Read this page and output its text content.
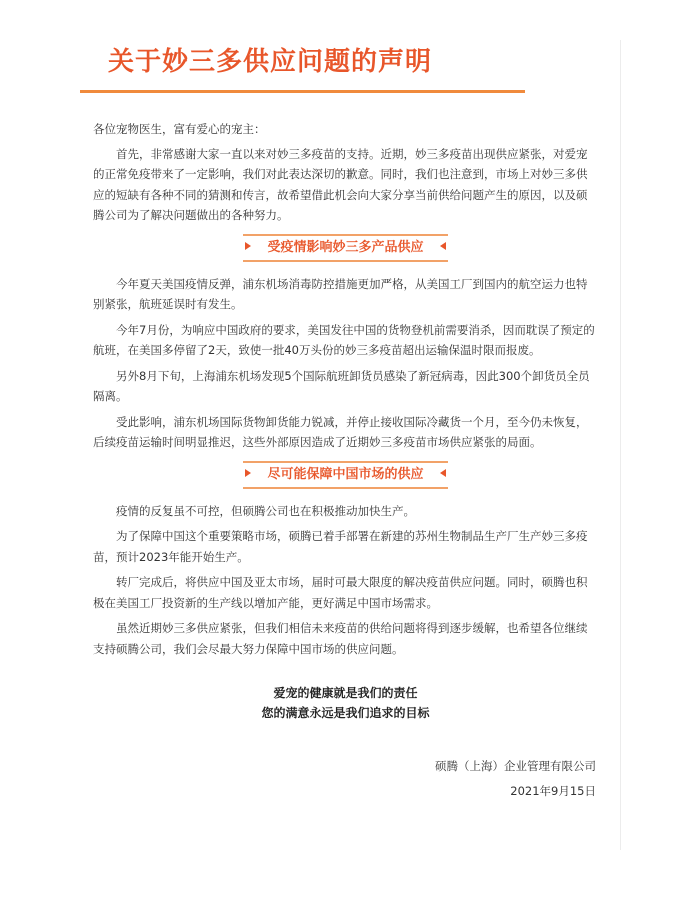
关于妙三多供应问题的声明

各位宠物医生，富有爱心的宠主：

首先，非常感谢大家一直以来对妙三多疫苗的支持。近期，妙三多疫苗出现供应紧张，对爱宠的正常免疫带来了一定影响，我们对此表达深切的歉意。同时，我们也注意到，市场上对妙三多供应的短缺有各种不同的猜测和传言，故希望借此机会向大家分享当前供给问题产生的原因，以及硕腾公司为了解决问题做出的各种努力。

受疫情影响妙三多产品供应

今年夏天美国疫情反弹，浦东机场消毒防控措施更加严格，从美国工厂到国内的航空运力也特别紧张，航班延误时有发生。

今年7月份，为响应中国政府的要求，美国发往中国的货物登机前需要消杀，因而耽误了预定的航班，在美国多停留了2天，致使一批40万头份的妙三多疫苗超出运输保温时限而报废。

另外8月下旬，上海浦东机场发现5个国际航班卸货员感染了新冠病毒，因此300个卸货员全员隔离。

受此影响，浦东机场国际货物卸货能力锐减，并停止接收国际冷藏货一个月，至今仍未恢复，后续疫苗运输时间明显推迟，这些外部原因造成了近期妙三多疫苗市场供应紧张的局面。

尽可能保障中国市场的供应

疫情的反复虽不可控，但硕腾公司也在积极推动加快生产。

为了保障中国这个重要策略市场，硕腾已着手部署在新建的苏州生物制品生产厂生产妙三多疫苗，预计2023年能开始生产。

转厂完成后，将供应中国及亚太市场，届时可最大限度的解决疫苗供应问题。同时，硕腾也积极在美国工厂投资新的生产线以增加产能，更好满足中国市场需求。

虽然近期妙三多供应紧张，但我们相信未来疫苗的供给问题将得到逐步缓解，也希望各位继续支持硕腾公司，我们会尽最大努力保障中国市场的供应问题。

爱宠的健康就是我们的责任
您的满意永远是我们追求的目标
硕腾（上海）企业管理有限公司
2021年9月15日
